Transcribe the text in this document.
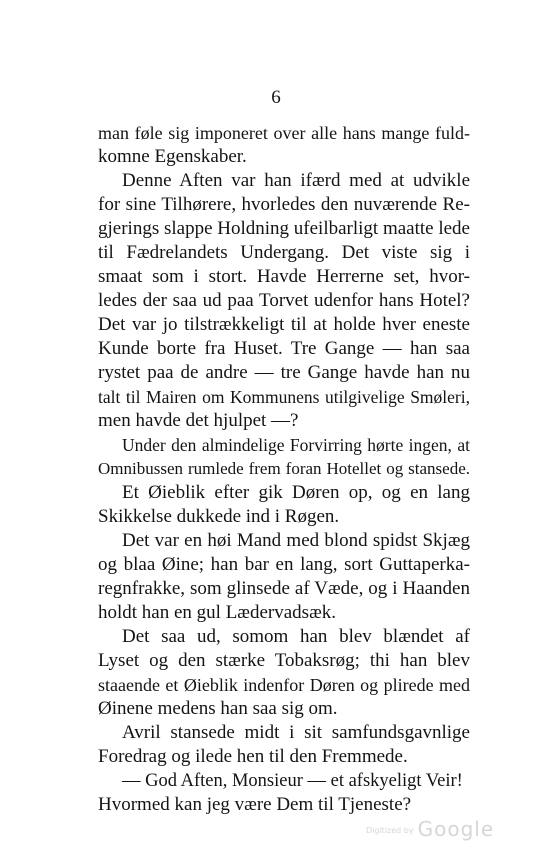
6
man føle sig imponeret over alle hans mange fuld-
komne Egenskaber.
Denne Aften var han ifærd med at udvikle
for sine Tilhørere, hvorledes den nuværende Re-
gjerings slappe Holdning ufeilbarligt maatte lede
til Fædrelandets Undergang. Det viste sig i
smaat som i stort. Havde Herrerne set, hvor-
ledes der saa ud paa Torvet udenfor hans Hotel?
Det var jo tilstrækkeligt til at holde hver eneste
Kunde borte fra Huset. Tre Gange — han saa
rystet paa de andre — tre Gange havde han nu
talt til Mairen om Kommunens utilgivelige Smøleri,
men havde det hjulpet —?
Under den almindelige Forvirring hørte ingen, at
Omnibussen rumlede frem foran Hotellet og stansede.
Et Øieblik efter gik Døren op, og en lang
Skikkelse dukkede ind i Røgen.
Det var en høi Mand med blond spidst Skjæg
og blaa Øine; han bar en lang, sort Guttaperka-
regnfrakke, som glinsede af Væde, og i Haanden
holdt han en gul Lædervadsæk.
Det saa ud, somom han blev blændet af
Lyset og den stærke Tobaksrøg; thi han blev
staaende et Øieblik indenfor Døren og plirede med
Øinene medens han saa sig om.
Avril stansede midt i sit samfundsgavnlige
Foredrag og ilede hen til den Fremmede.
— God Aften, Monsieur — et afskyeligt Veir!
Hvormed kan jeg være Dem til Tjeneste?
Digitized by Google
